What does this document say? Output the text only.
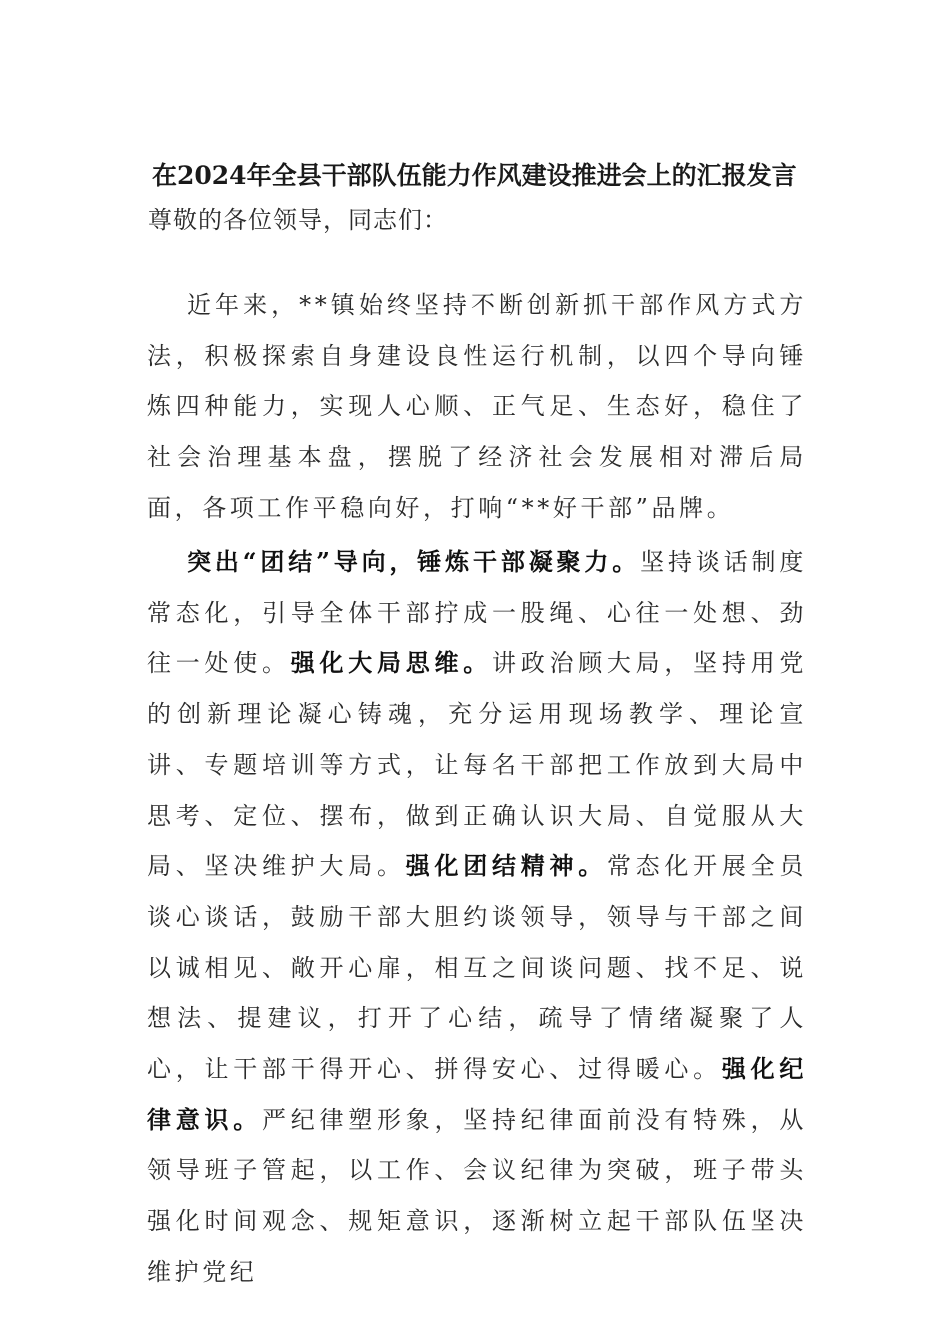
在2024年全县干部队伍能力作风建设推进会上的汇报发言
尊敬的各位领导，同志们：

近年来，**镇始终坚持不断创新抓干部作风方式方法，积极探索自身建设良性运行机制，以四个导向锤炼四种能力，实现人心顺、正气足、生态好，稳住了社会治理基本盘，摆脱了经济社会发展相对滞后局面，各项工作平稳向好，打响“**好干部”品牌。

突出“团结”导向，锤炼干部凝聚力。坚持谈话制度常态化，引导全体干部拧成一股绳、心往一处想、劲往一处使。强化大局思维。讲政治顾大局，坚持用党的创新理论凝心铸魂，充分运用现场教学、理论宣讲、专题培训等方式，让每名干部把工作放到大局中思考、定位、摆布，做到正确认识大局、自觉服从大局、坚决维护大局。强化团结精神。常态化开展全员谈心谈话，鼓励干部大胆约谈领导，领导与干部之间以诚相见、敞开心扉，相互之间谈问题、找不足、说想法、提建议，打开了心结，疏导了情绪凝聚了人心，让干部干得开心、拼得安心、过得暖心。强化纪律意识。严纪律塑形象，坚持纪律面前没有特殊，从领导班子管起，以工作、会议纪律为突破，班子带头强化时间观念、规矩意识，逐渐树立起干部队伍坚决维护党纪
